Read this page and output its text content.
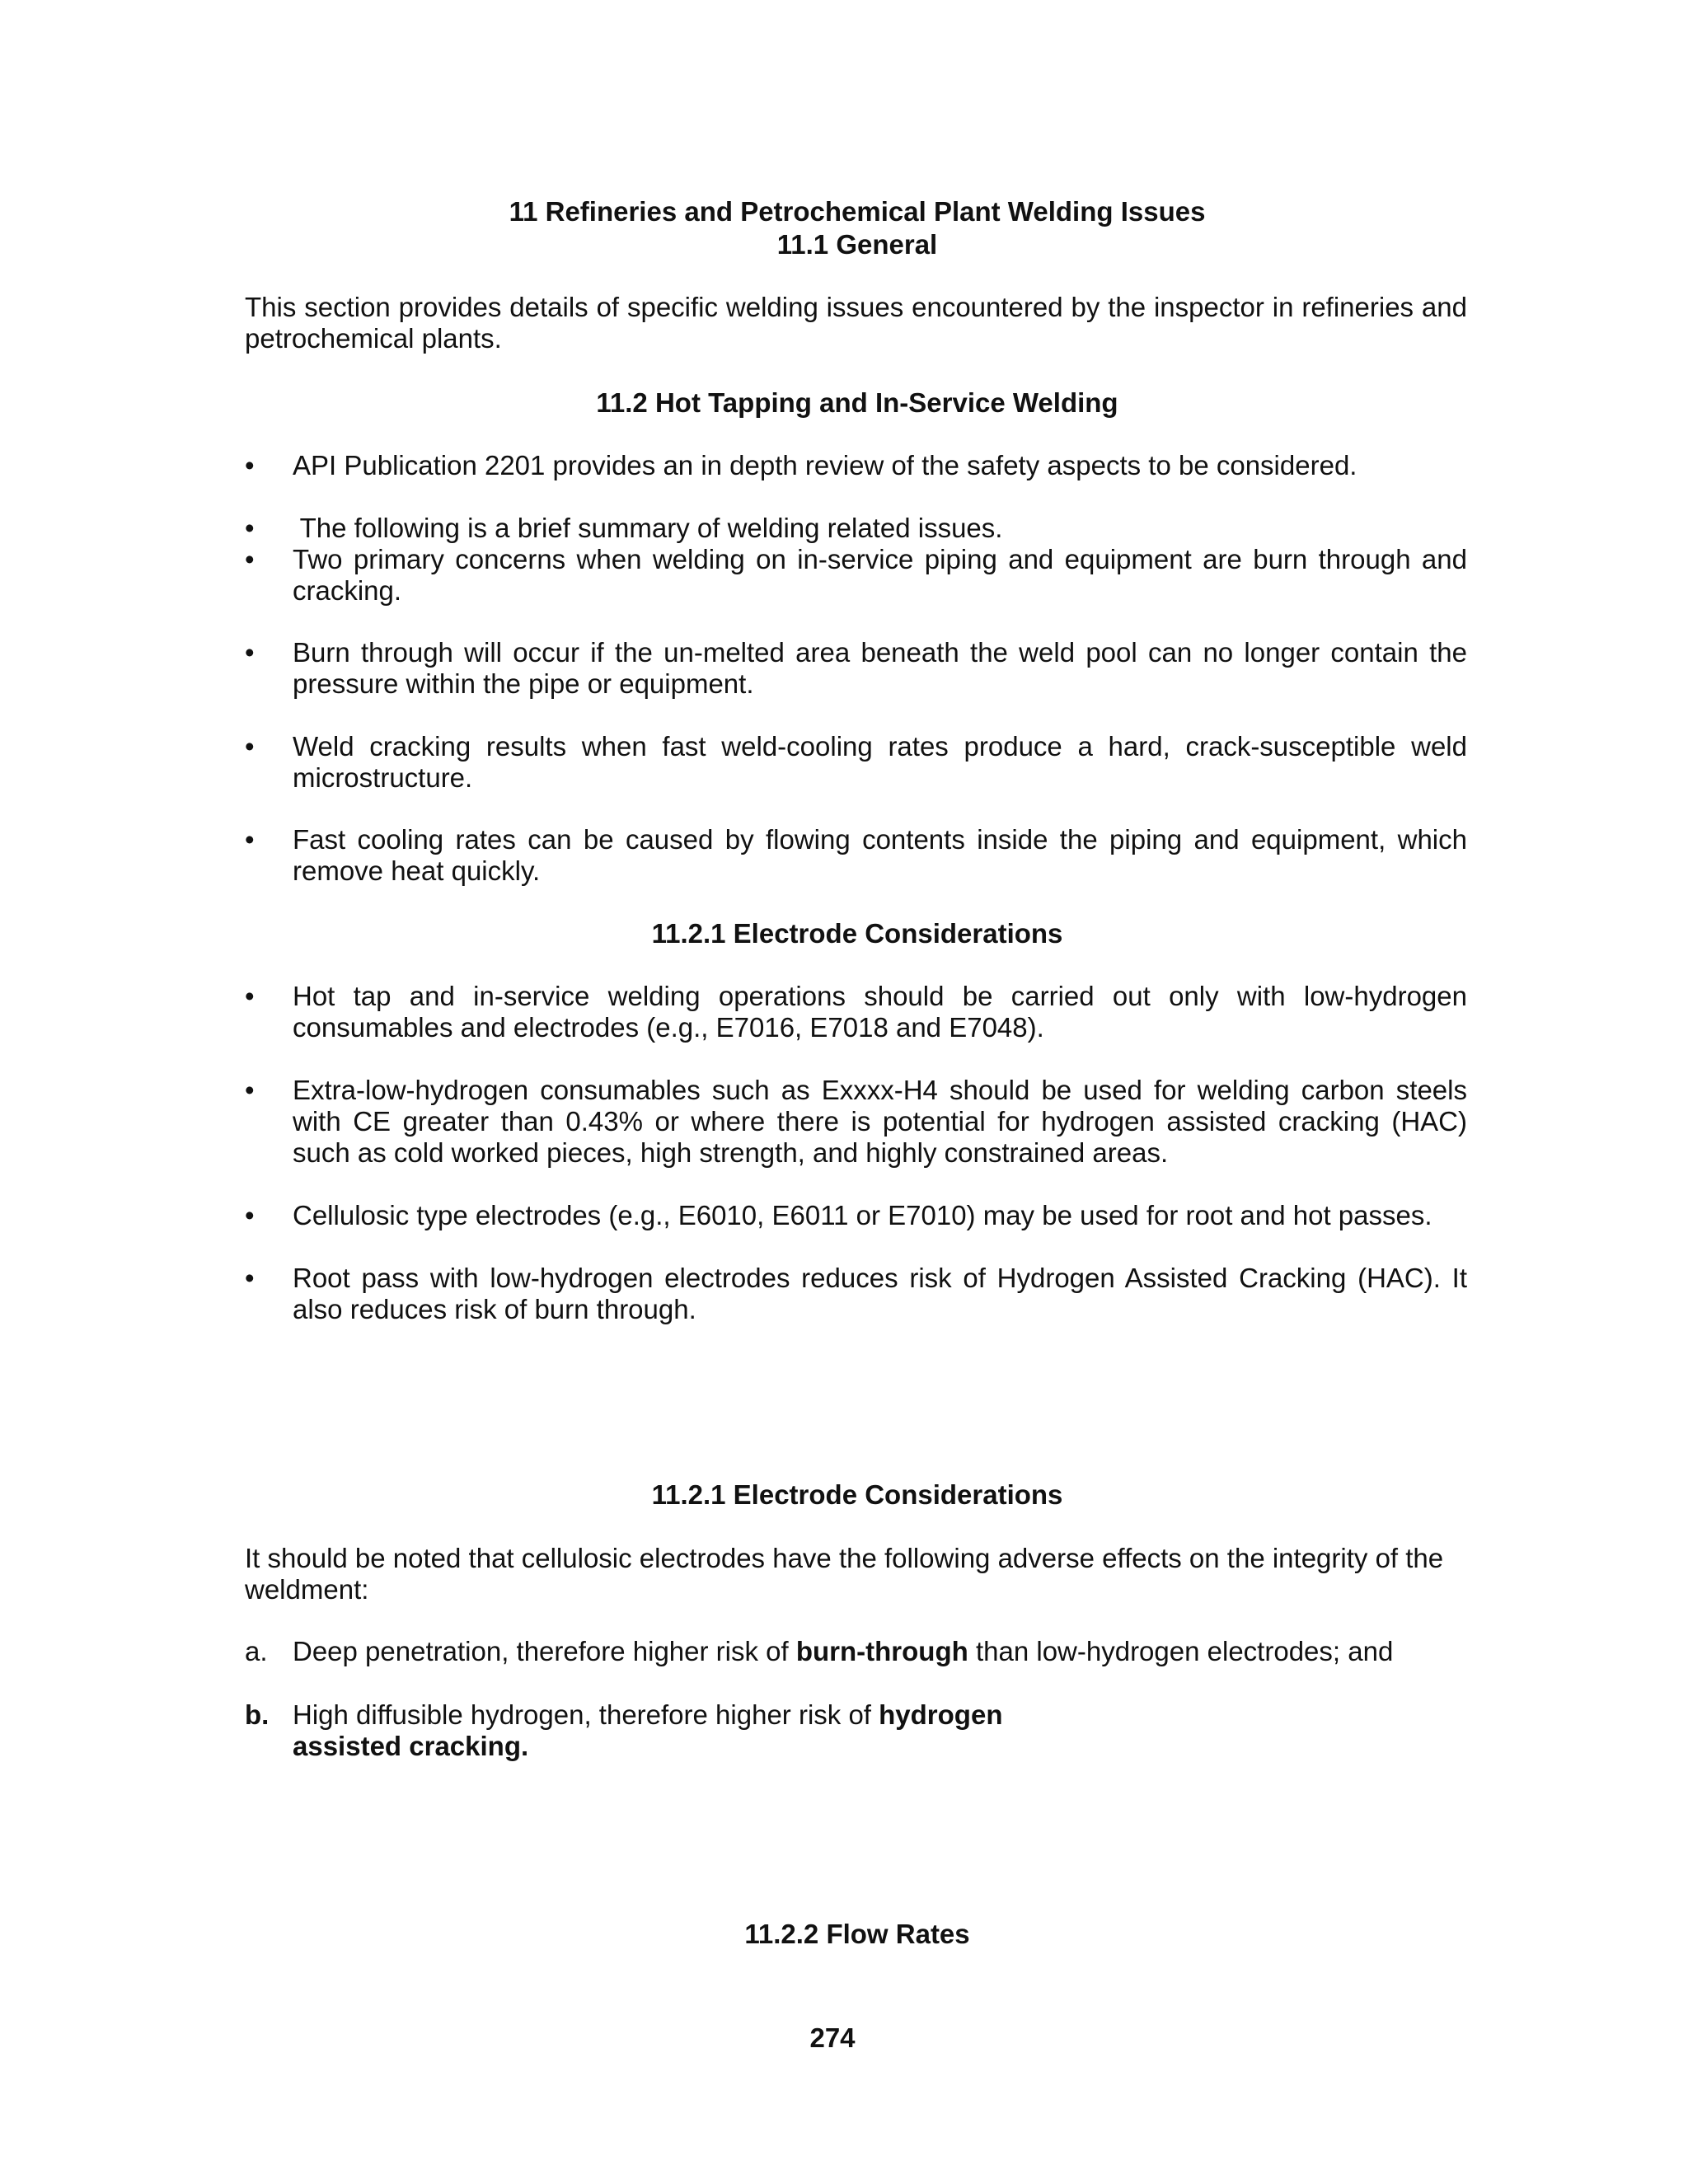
11 Refineries and Petrochemical Plant Welding Issues
11.1 General
This section provides details of specific welding issues encountered by the inspector in refineries and petrochemical plants.
11.2 Hot Tapping and In-Service Welding
•	API Publication 2201 provides an in depth review of the safety aspects to be considered.
•	The following is a brief summary of welding related issues.
•	Two primary concerns when welding on in-service piping and equipment are burn through and cracking.
•	Burn through will occur if the un-melted area beneath the weld pool can no longer contain the pressure within the pipe or equipment.
•	Weld cracking results when fast weld-cooling rates produce a hard, crack-susceptible weld microstructure.
•	Fast cooling rates can be caused by flowing contents inside the piping and equipment, which remove heat quickly.
11.2.1 Electrode Considerations
•	Hot tap and in-service welding operations should be carried out only with low-hydrogen consumables and electrodes (e.g., E7016, E7018 and E7048).
•	Extra-low-hydrogen consumables such as Exxxx-H4 should be used for welding carbon steels with CE greater than 0.43% or where there is potential for hydrogen assisted cracking (HAC) such as cold worked pieces, high strength, and highly constrained areas.
•	Cellulosic type electrodes (e.g., E6010, E6011 or E7010) may be used for root and hot passes.
•	Root pass with low-hydrogen electrodes reduces risk of Hydrogen Assisted Cracking (HAC). It also reduces risk of burn through.
11.2.1 Electrode Considerations
It should be noted that cellulosic electrodes have the following adverse effects on the integrity of the weldment:
a. Deep penetration, therefore higher risk of burn-through than low-hydrogen electrodes; and
b. High diffusible hydrogen, therefore higher risk of hydrogen
assisted cracking.
11.2.2 Flow Rates
274
